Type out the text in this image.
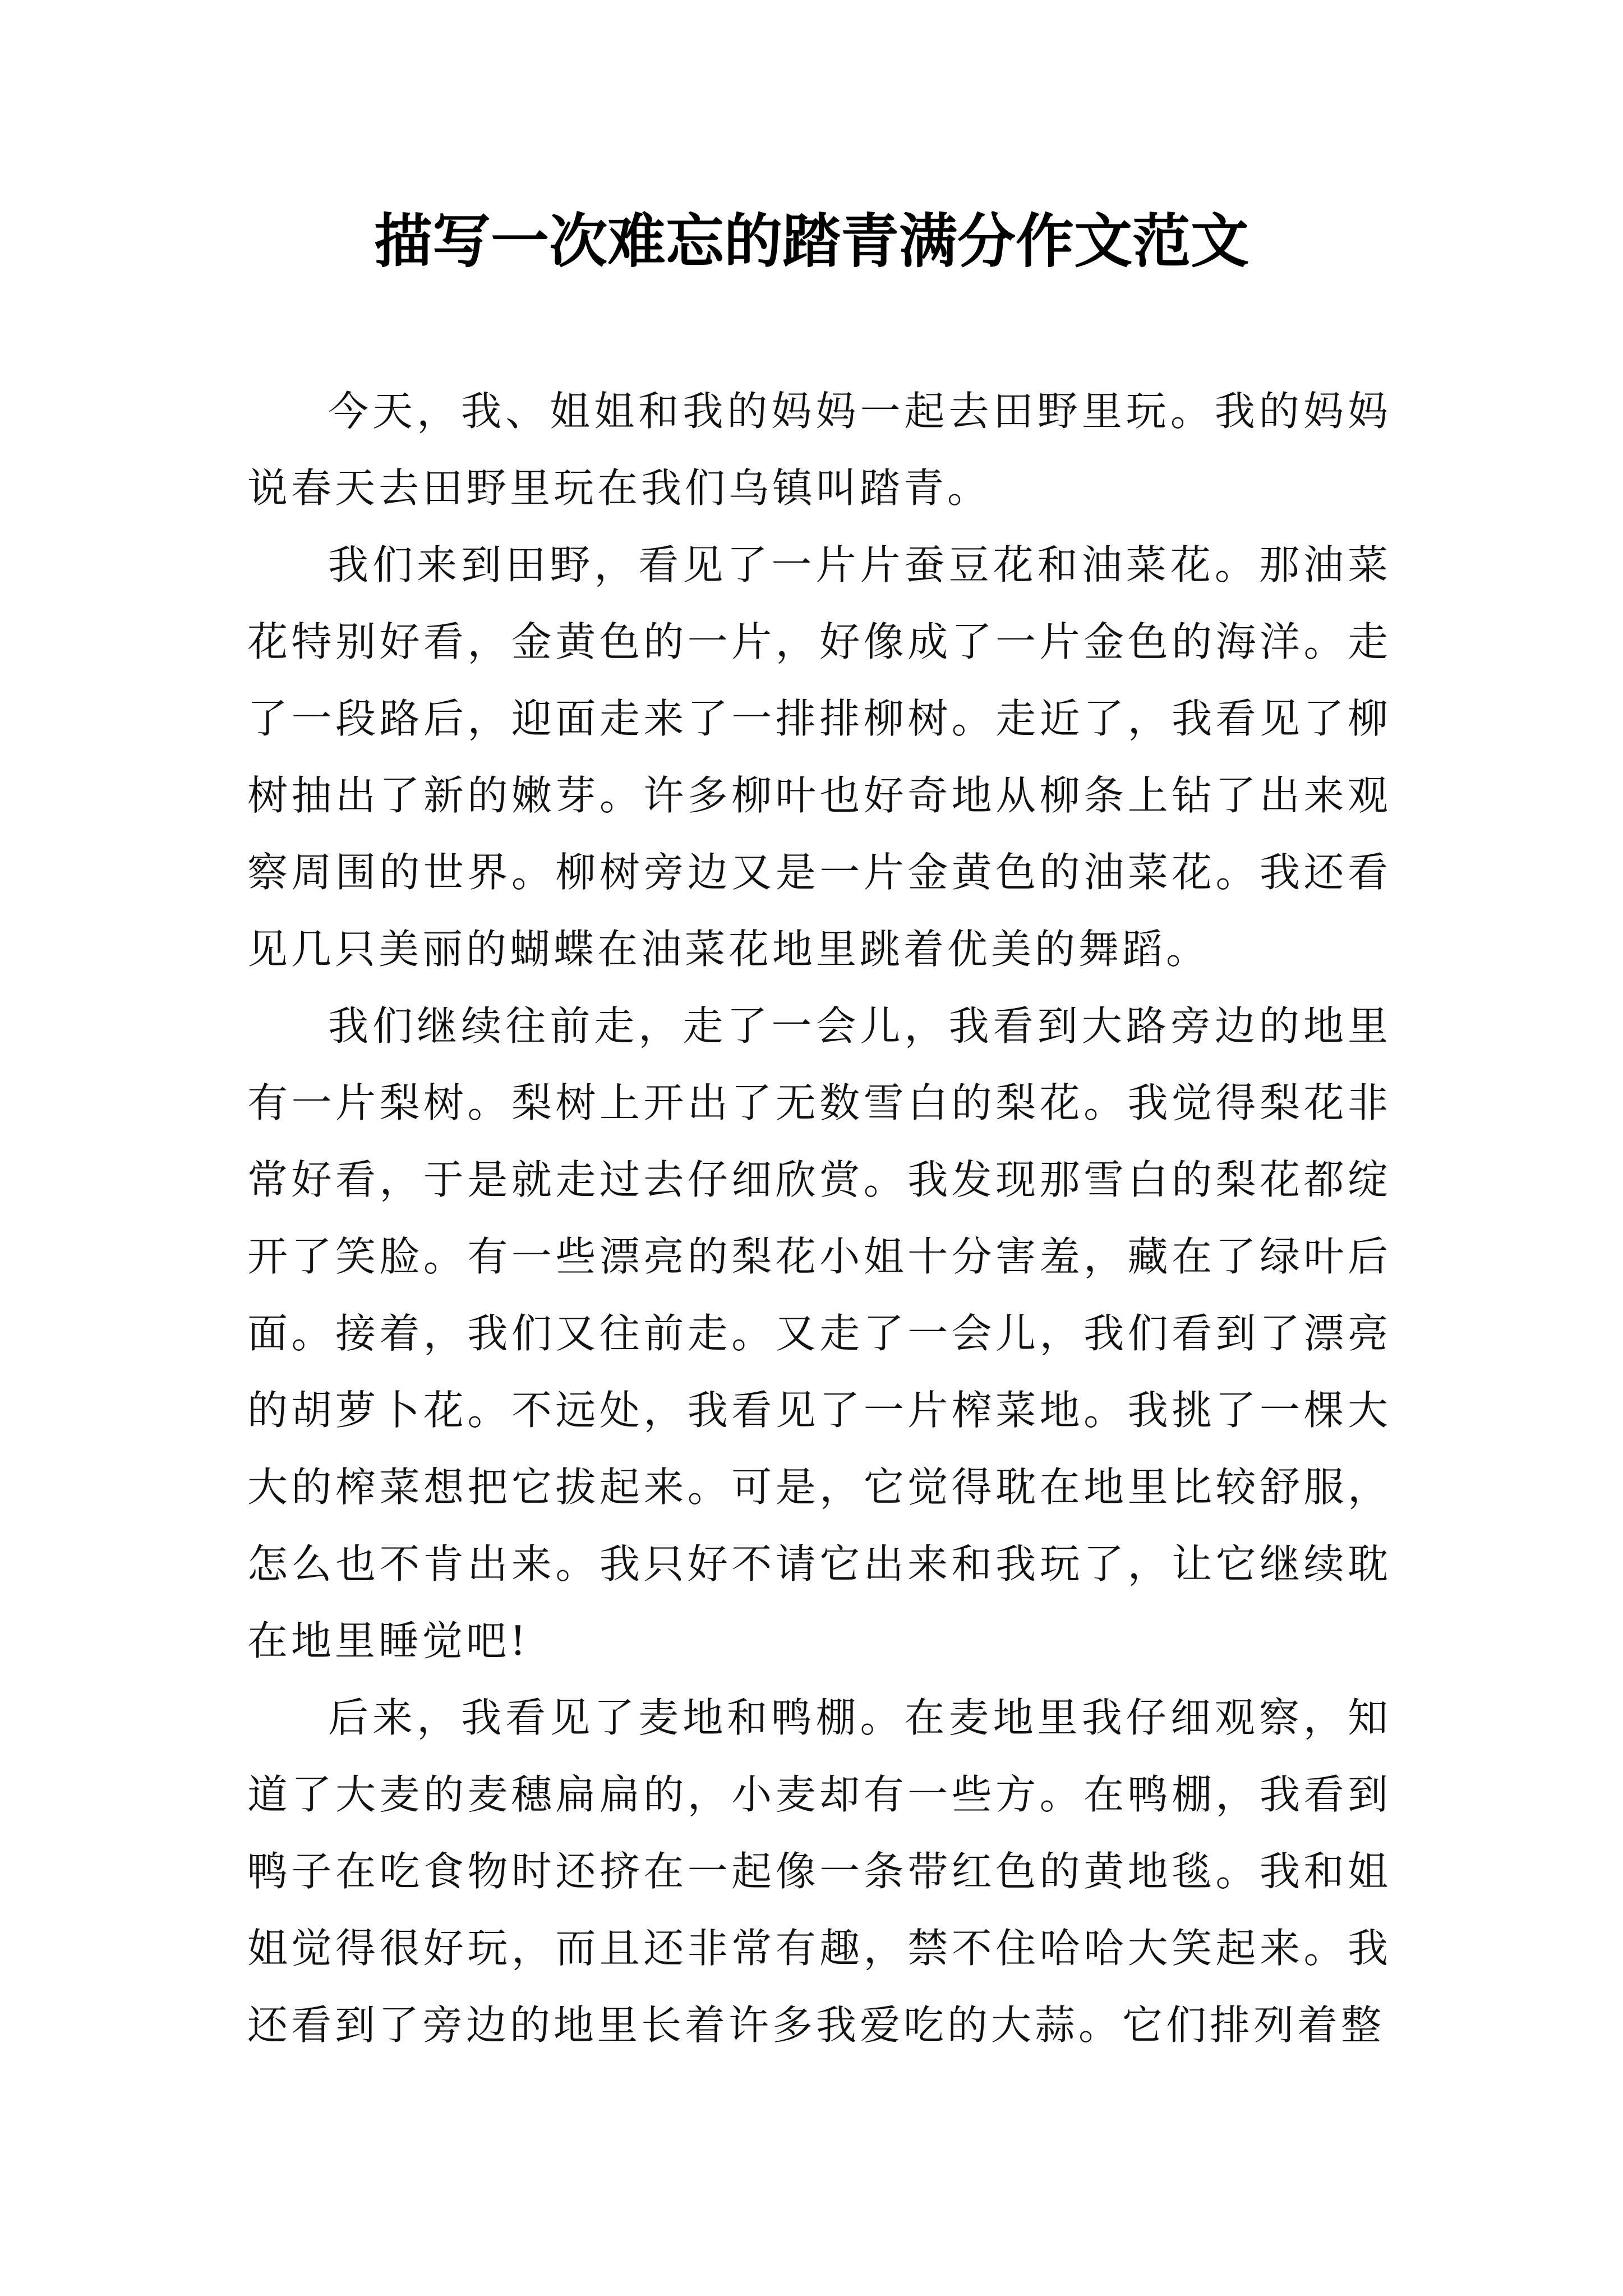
描写一次难忘的踏青满分作文范文

今天，我、姐姐和我的妈妈一起去田野里玩。我的妈妈说春天去田野里玩在我们乌镇叫踏青。

我们来到田野，看见了一片片蚕豆花和油菜花。那油菜花特别好看，金黄色的一片，好像成了一片金色的海洋。走了一段路后，迎面走来了一排排柳树。走近了，我看见了柳树抽出了新的嫩芽。许多柳叶也好奇地从柳条上钻了出来观察周围的世界。柳树旁边又是一片金黄色的油菜花。我还看见几只美丽的蝴蝶在油菜花地里跳着优美的舞蹈。

我们继续往前走，走了一会儿，我看到大路旁边的地里有一片梨树。梨树上开出了无数雪白的梨花。我觉得梨花非常好看，于是就走过去仔细欣赏。我发现那雪白的梨花都绽开了笑脸。有一些漂亮的梨花小姐十分害羞，藏在了绿叶后面。接着，我们又往前走。又走了一会儿，我们看到了漂亮的胡萝卜花。不远处，我看见了一片榨菜地。我挑了一棵大大的榨菜想把它拔起来。可是，它觉得耽在地里比较舒服，怎么也不肯出来。我只好不请它出来和我玩了，让它继续耽在地里睡觉吧!

后来，我看见了麦地和鸭棚。在麦地里我仔细观察，知道了大麦的麦穗扁扁的，小麦却有一些方。在鸭棚，我看到鸭子在吃食物时还挤在一起像一条带红色的黄地毯。我和姐姐觉得很好玩，而且还非常有趣，禁不住哈哈大笑起来。我还看到了旁边的地里长着许多我爱吃的大蒜。它们排列着整
